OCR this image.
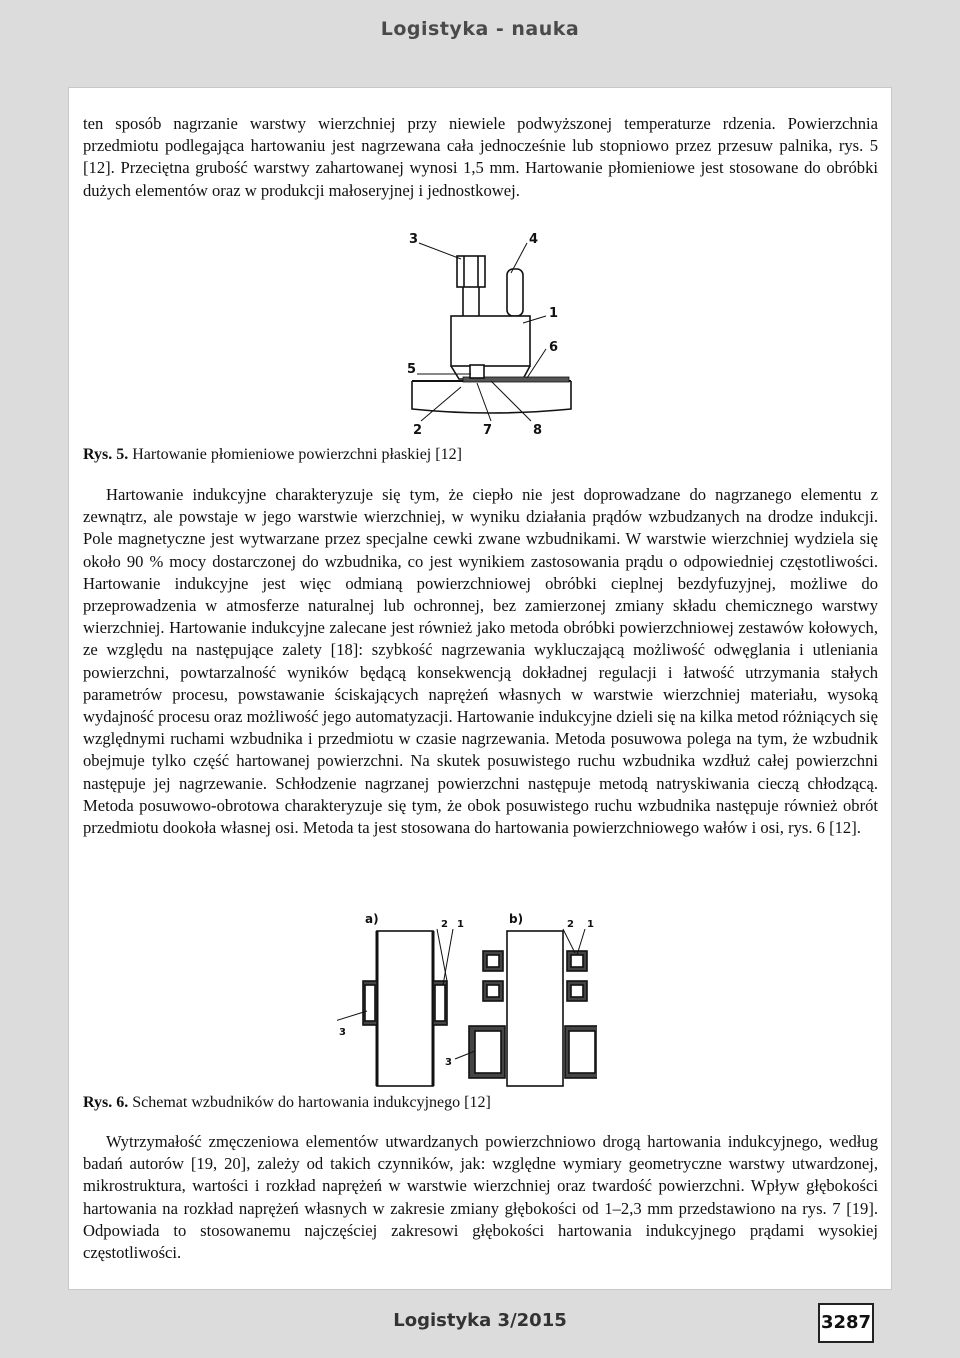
Logistyka - nauka

ten sposób nagrzanie warstwy wierzchniej przy niewiele podwyższonej temperaturze rdzenia. Powierzchnia przedmiotu podlegająca hartowaniu jest nagrzewana cała jednocześnie lub stopniowo przez przesuw palnika, rys. 5 [12]. Przeciętna grubość warstwy zahartowanej wynosi 1,5 mm. Hartowanie płomieniowe jest stosowane do obróbki dużych elementów oraz w produkcji małoseryjnej i jednostkowej.

3	4
1
6
5
2	7	8
Rys. 5. Hartowanie płomieniowe powierzchni płaskiej [12]

Hartowanie indukcyjne charakteryzuje się tym, że ciepło nie jest doprowadzane do nagrzanego elementu z zewnątrz, ale powstaje w jego warstwie wierzchniej, w wyniku działania prądów wzbudzanych na drodze indukcji. Pole magnetyczne jest wytwarzane przez specjalne cewki zwane wzbudnikami. W warstwie wierzchniej wydziela się około 90 % mocy dostarczonej do wzbudnika, co jest wynikiem zastosowania prądu o odpowiedniej częstotliwości. Hartowanie indukcyjne jest więc odmianą powierzchniowej obróbki cieplnej bezdyfuzyjnej, możliwe do przeprowadzenia w atmosferze naturalnej lub ochronnej, bez zamierzonej zmiany składu chemicznego warstwy wierzchniej. Hartowanie indukcyjne zalecane jest również jako metoda obróbki powierzchniowej zestawów kołowych, ze względu na następujące zalety [18]: szybkość nagrzewania wykluczającą możliwość odwęglania i utleniania powierzchni, powtarzalność wyników będącą konsekwencją dokładnej regulacji i łatwość utrzymania stałych parametrów procesu, powstawanie ściskających naprężeń własnych w warstwie wierzchniej materiału, wysoką wydajność procesu oraz możliwość jego automatyzacji. Hartowanie indukcyjne dzieli się na kilka metod różniących się względnymi ruchami wzbudnika i przedmiotu w czasie nagrzewania. Metoda posuwowa polega na tym, że wzbudnik obejmuje tylko część hartowanej powierzchni. Na skutek posuwistego ruchu wzbudnika wzdłuż całej powierzchni następuje jej nagrzewanie. Schłodzenie nagrzanej powierzchni następuje metodą natryskiwania cieczą chłodzącą. Metoda posuwowo-obrotowa charakteryzuje się tym, że obok posuwistego ruchu wzbudnika następuje również obrót przedmiotu dookoła własnej osi. Metoda ta jest stosowana do hartowania powierzchniowego wałów i osi, rys. 6 [12].

a)	b)
2 1
3
2 1
3
Rys. 6. Schemat wzbudników do hartowania indukcyjnego [12]

Wytrzymałość zmęczeniowa elementów utwardzanych powierzchniowo drogą hartowania indukcyjnego, według badań autorów [19, 20], zależy od takich czynników, jak: względne wymiary geometryczne warstwy utwardzonej, mikrostruktura, wartości i rozkład naprężeń w warstwie wierzchniej oraz twardość powierzchni. Wpływ głębokości hartowania na rozkład naprężeń własnych w zakresie zmiany głębokości od 1–2,3 mm przedstawiono na rys. 7 [19]. Odpowiada to stosowanemu najczęściej zakresowi głębokości hartowania indukcyjnego prądami wysokiej częstotliwości.

Logistyka 3/2015	3287
